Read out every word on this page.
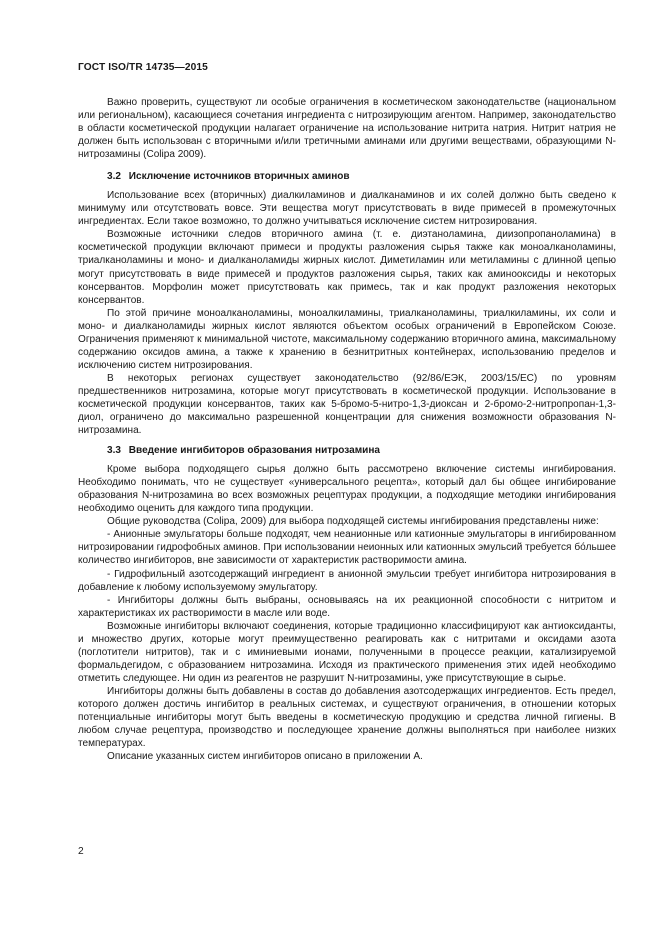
ГОСТ ISO/TR 14735—2015

Важно проверить, существуют ли особые ограничения в косметическом законодательстве (национальном или региональном), касающиеся сочетания ингредиента с нитрозирующим агентом. Например, законодательство в области косметической продукции налагает ограничение на использование нитрита натрия. Нитрит натрия не должен быть использован с вторичными и/или третичными аминами или другими веществами, образующими N-нитрозамины (Colipa 2009).

3.2 Исключение источников вторичных аминов

Использование всех (вторичных) диалкиламинов и диалканаминов и их солей должно быть сведено к минимуму или отсутствовать вовсе. Эти вещества могут присутствовать в виде примесей в промежуточных ингредиентах. Если такое возможно, то должно учитываться исключение систем нитрозирования.

Возможные источники следов вторичного амина (т. е. диэтаноламина, диизопропаноламина) в косметической продукции включают примеси и продукты разложения сырья также как моноалканоламины, триалканоламины и моно- и диалканоламиды жирных кислот. Диметиламин или метиламины с длинной цепью могут присутствовать в виде примесей и продуктов разложения сырья, таких как аминооксиды и некоторых консервантов. Морфолин может присутствовать как примесь, так и как продукт разложения некоторых консервантов.

По этой причине моноалканоламины, моноалкиламины, триалканоламины, триалкиламины, их соли и моно- и диалканоламиды жирных кислот являются объектом особых ограничений в Европейском Союзе. Ограничения применяют к минимальной чистоте, максимальному содержанию вторичного амина, максимальному содержанию оксидов амина, а также к хранению в безнитритных контейнерах, использованию пределов и исключению систем нитрозирования.

В некоторых регионах существует законодательство (92/86/ЕЭК, 2003/15/ЕС) по уровням предшественников нитрозамина, которые могут присутствовать в косметической продукции. Использование в косметической продукции консервантов, таких как 5-бромо-5-нитро-1,3-диоксан и 2-бромо-2-нитропропан-1,3-диол, ограничено до максимально разрешенной концентрации для снижения возможности образования N-нитрозамина.

3.3 Введение ингибиторов образования нитрозамина

Кроме выбора подходящего сырья должно быть рассмотрено включение системы ингибирования. Необходимо понимать, что не существует «универсального рецепта», который дал бы общее ингибирование образования N-нитрозамина во всех возможных рецептурах продукции, а подходящие методики ингибирования необходимо оценить для каждого типа продукции.

Общие руководства (Colipa, 2009) для выбора подходящей системы ингибирования представлены ниже:

- Анионные эмульгаторы больше подходят, чем неанионные или катионные эмульгаторы в ингибированном нитрозировании гидрофобных аминов. При использовании неионных или катионных эмульсий требуется бо́льшее количество ингибиторов, вне зависимости от характеристик растворимости амина.

- Гидрофильный азотсодержащий ингредиент в анионной эмульсии требует ингибитора нитрозирования в добавление к любому используемому эмульгатору.

- Ингибиторы должны быть выбраны, основываясь на их реакционной способности с нитритом и характеристиках их растворимости в масле или воде.

Возможные ингибиторы включают соединения, которые традиционно классифицируют как антиоксиданты, и множество других, которые могут преимущественно реагировать как с нитритами и оксидами азота (поглотители нитритов), так и с иминиевыми ионами, полученными в процессе реакции, катализируемой формальдегидом, с образованием нитрозамина. Исходя из практического применения этих идей необходимо отметить следующее. Ни один из реагентов не разрушит N-нитрозамины, уже присутствующие в сырье.

Ингибиторы должны быть добавлены в состав до добавления азотсодержащих ингредиентов. Есть предел, которого должен достичь ингибитор в реальных системах, и существуют ограничения, в отношении которых потенциальные ингибиторы могут быть введены в косметическую продукцию и средства личной гигиены. В любом случае рецептура, производство и последующее хранение должны выполняться при наиболее низких температурах.

Описание указанных систем ингибиторов описано в приложении А.

2
